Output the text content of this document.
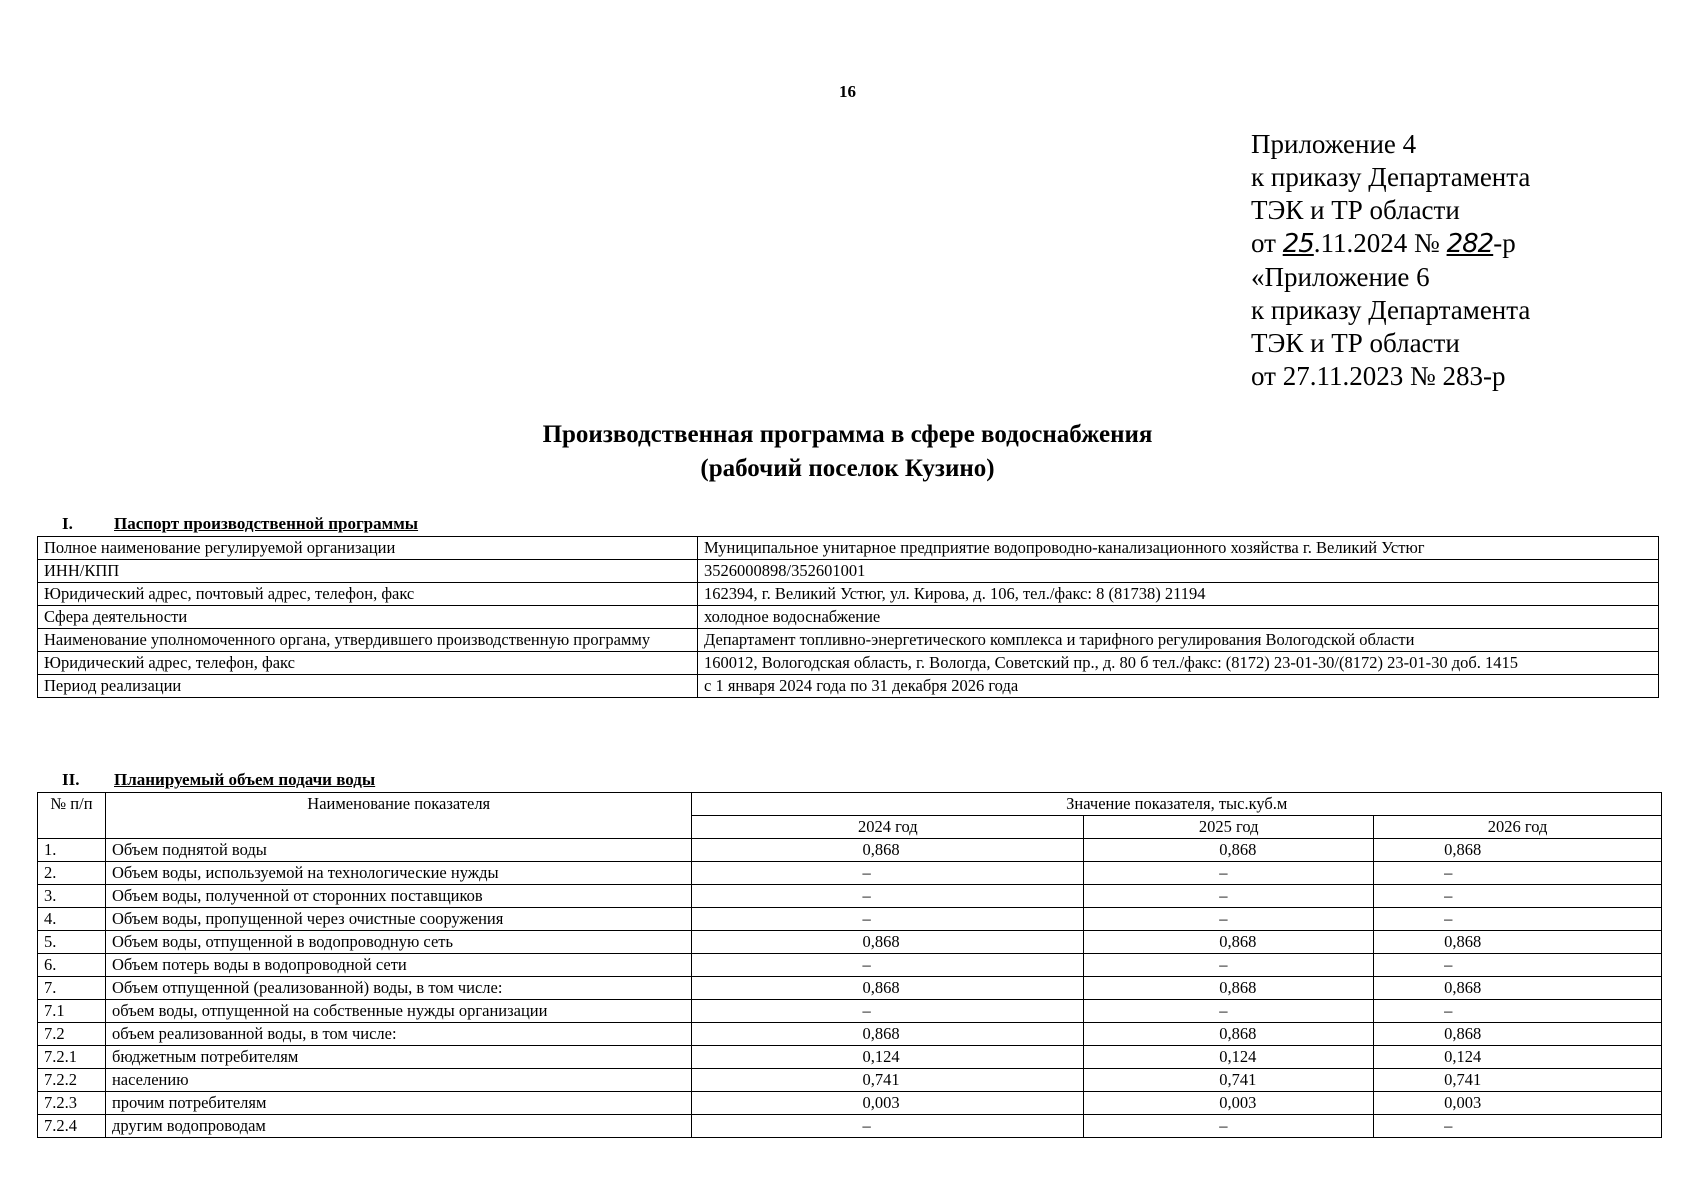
16
Приложение 4
к приказу Департамента
ТЭК и ТР области
от 25.11.2024 № 282-р
«Приложение 6
к приказу Департамента
ТЭК и ТР области
от 27.11.2023 № 283-р
Производственная программа в сфере водоснабжения
(рабочий поселок Кузино)
I. Паспорт производственной программы
Полное наименование регулируемой организации	Муниципальное унитарное предприятие водопроводно-канализационного хозяйства г. Великий Устюг
ИНН/КПП	3526000898/352601001
Юридический адрес, почтовый адрес, телефон, факс	162394, г. Великий Устюг, ул. Кирова, д. 106, тел./факс: 8 (81738) 21194
Сфера деятельности	холодное водоснабжение
Наименование уполномоченного органа, утвердившего производственную программу	Департамент топливно-энергетического комплекса и тарифного регулирования Вологодской области
Юридический адрес, телефон, факс	160012, Вологодская область, г. Вологда, Советский пр., д. 80 б тел./факс: (8172) 23-01-30/(8172) 23-01-30 доб. 1415
Период реализации	с 1 января 2024 года по 31 декабря 2026 года
II. Планируемый объем подачи воды
№ п/п	Наименование показателя	Значение показателя, тыс.куб.м		
		2024 год	2025 год	2026 год
1.	Объем поднятой воды	0,868	0,868	0,868
2.	Объем воды, используемой на технологические нужды	–	–	–
3.	Объем воды, полученной от сторонних поставщиков	–	–	–
4.	Объем воды, пропущенной через очистные сооружения	–	–	–
5.	Объем воды, отпущенной в водопроводную сеть	0,868	0,868	0,868
6.	Объем потерь воды в водопроводной сети	–	–	–
7.	Объем отпущенной (реализованной) воды, в том числе:	0,868	0,868	0,868
7.1	объем воды, отпущенной на собственные нужды организации	–	–	–
7.2	объем реализованной воды, в том числе:	0,868	0,868	0,868
7.2.1	бюджетным потребителям	0,124	0,124	0,124
7.2.2	населению	0,741	0,741	0,741
7.2.3	прочим потребителям	0,003	0,003	0,003
7.2.4	другим водопроводам	–	–	–
